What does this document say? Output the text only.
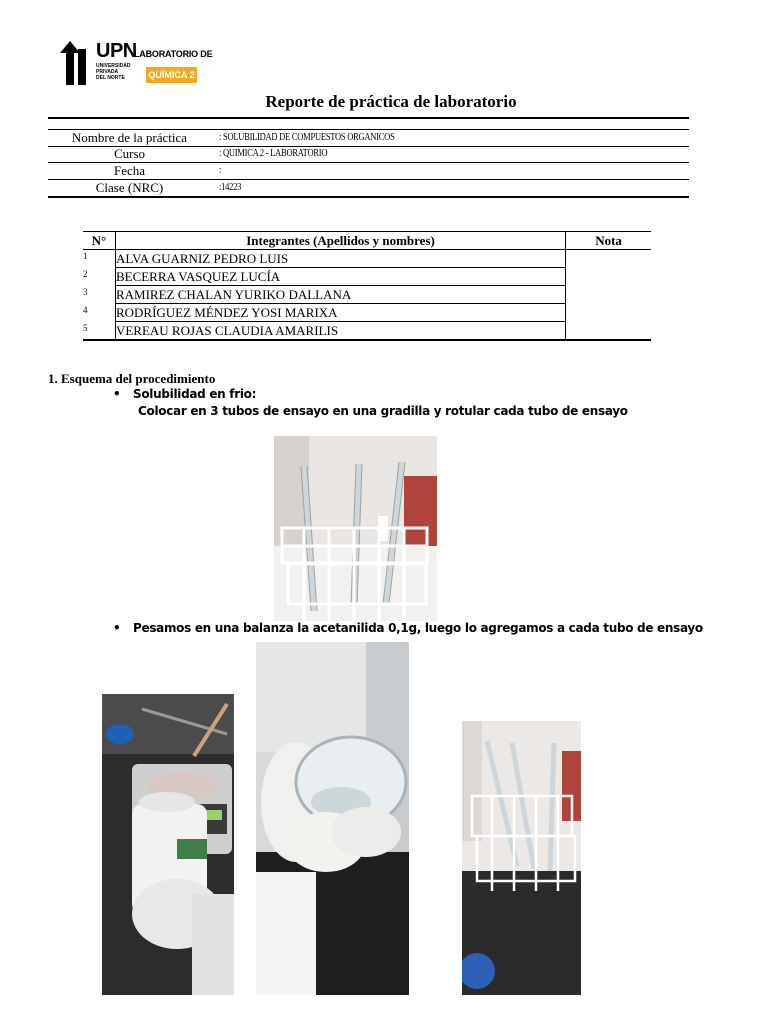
UPN
UNIVERSIDAD
PRIVADA
DEL NORTE
LABORATORIO DE
QUÍMICA 2
Reporte de práctica de laboratorio
Nombre de la práctica	: SOLUBILIDAD DE COMPUESTOS ORGANICOS
Curso	: QUIMICA 2 - LABORATORIO
Fecha	:
Clase (NRC)	:14223
N°	Integrantes (Apellidos y nombres)	Nota
1	ALVA GUARNIZ PEDRO LUIS	
2	BECERRA VASQUEZ LUCÍA	
3	RAMIREZ CHALAN YURIKO DALLANA	
4	RODRÍGUEZ MÉNDEZ YOSI MARIXA	
5	VEREAU ROJAS CLAUDIA AMARILIS	
1. Esquema del procedimiento
• Solubilidad en frio:
Colocar en 3 tubos de ensayo en una gradilla y rotular cada tubo de ensayo
• Pesamos en una balanza la acetanilida 0,1g, luego lo agregamos a cada tubo de ensayo
